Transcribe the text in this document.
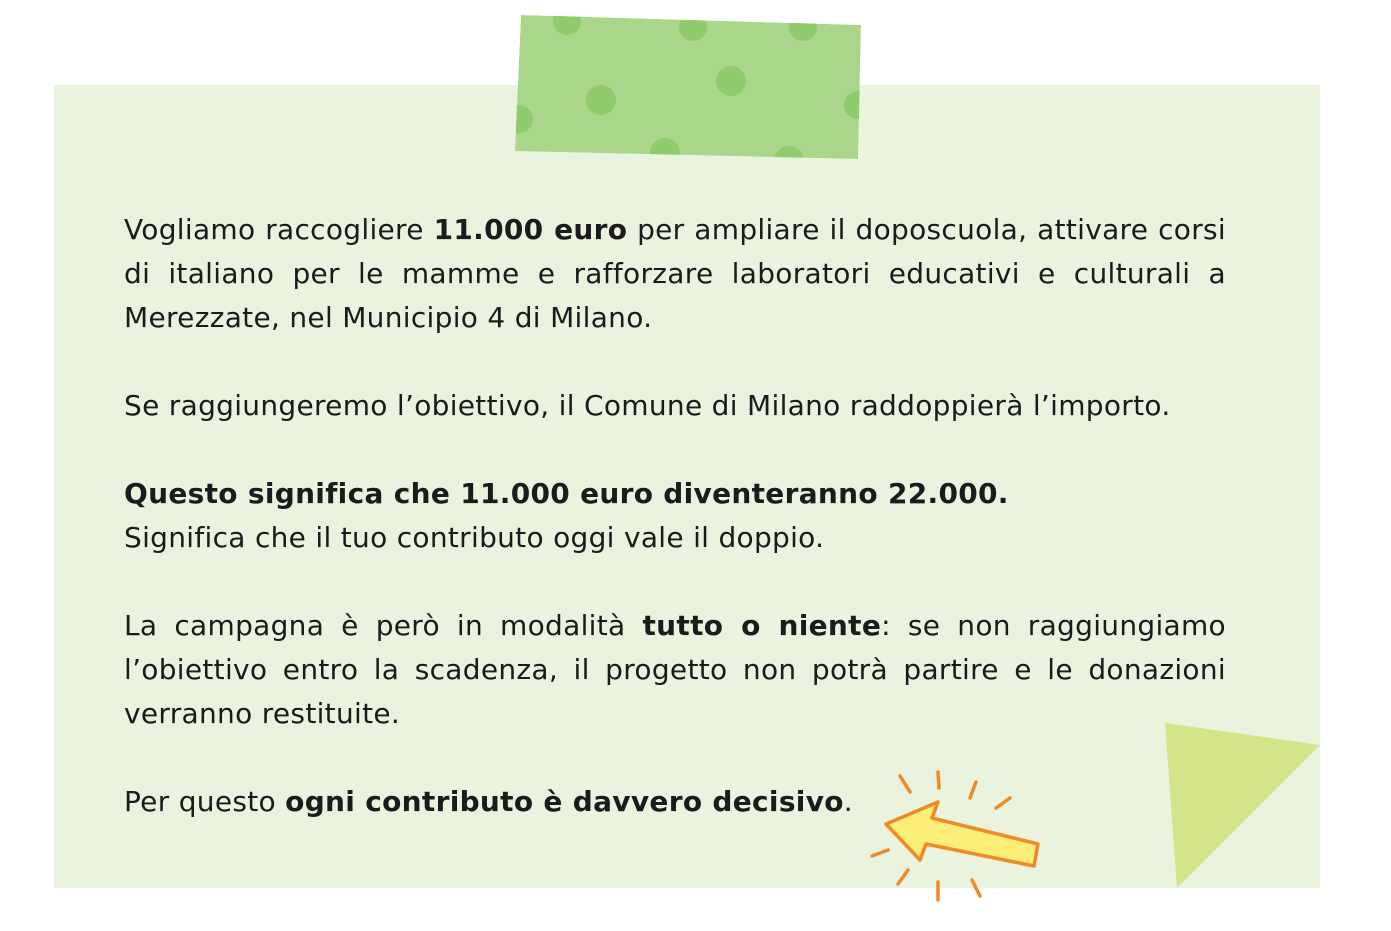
Vogliamo raccogliere 11.000 euro per ampliare il doposcuola, attivare corsi di italiano per le mamme e rafforzare laboratori educativi e culturali a Merezzate, nel Municipio 4 di Milano.

Se raggiungeremo l’obiettivo, il Comune di Milano raddoppierà l’importo.

Questo significa che 11.000 euro diventeranno 22.000.
Significa che il tuo contributo oggi vale il doppio.

La campagna è però in modalità tutto o niente: se non raggiungiamo l’obiettivo entro la scadenza, il progetto non potrà partire e le donazioni verranno restituite.

Per questo ogni contributo è davvero decisivo.
